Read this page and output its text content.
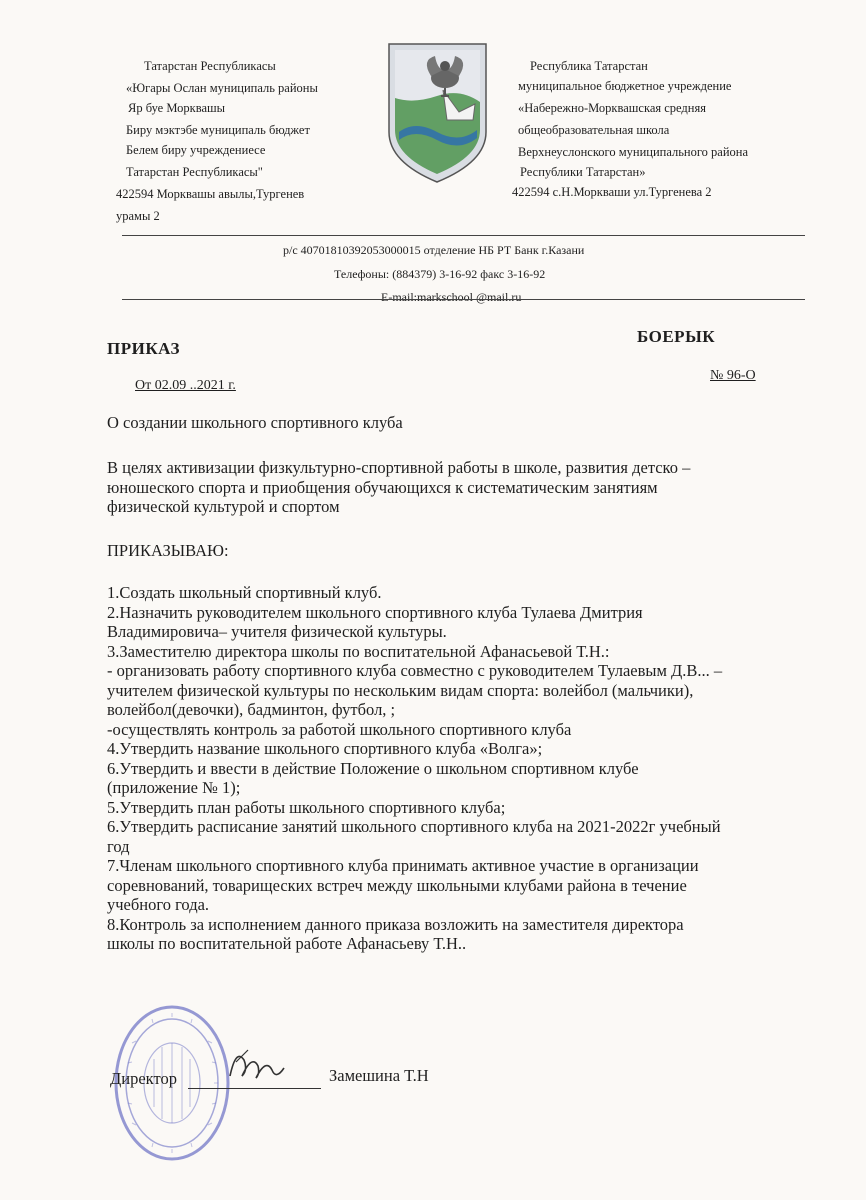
Татарстан Республикасы
«Югары Ослан муниципаль районы
Яр буе Морквашы
Биру мэктэбе муниципаль бюджет
Белем биру учреждениесе
Татарстан Республикасы"
422594 Морквашы авылы,Тургенев
урамы 2
Республика Татарстан
муниципальное бюджетное учреждение
«Набережно-Морквашская средняя
общеобразовательная школа
Верхнеуслонского муниципального района
Республики Татарстан»
422594 с.Н.Моркваши ул.Тургенева 2
р/с 40701810392053000015 отделение НБ РТ Банк г.Казани
Телефоны: (884379) 3-16-92 факс 3-16-92
E-mail:markschool @mail.ru
ПРИКАЗ
БОЕРЫК
От 02.09 ..2021 г.
№ 96-О
О создании школьного спортивного клуба
В целях активизации физкультурно-спортивной работы в школе, развития детско –
юношеского спорта и приобщения обучающихся к систематическим занятиям
физической культурой и спортом
ПРИКАЗЫВАЮ:
1.Создать школьный спортивный клуб.
2.Назначить руководителем школьного спортивного клуба Тулаева Дмитрия
Владимировича– учителя физической культуры.
3.Заместителю директора школы по воспитательной Афанасьевой Т.Н.:
- организовать работу спортивного клуба совместно с руководителем Тулаевым Д.В... –
учителем физической культуры по нескольким видам спорта: волейбол (мальчики),
волейбол(девочки), бадминтон, футбол, ;
-осуществлять контроль за работой школьного спортивного клуба
4.Утвердить название школьного спортивного клуба «Волга»;
6.Утвердить и ввести в действие Положение о школьном спортивном клубе
(приложение № 1);
5.Утвердить план работы школьного спортивного клуба;
6.Утвердить расписание занятий школьного спортивного клуба на 2021-2022г учебный
год
7.Членам школьного спортивного клуба принимать активное участие в организации
соревнований, товарищеских встреч между школьными клубами района в течение
учебного года.
8.Контроль за исполнением данного приказа возложить на заместителя директора
школы по воспитательной работе Афанасьеву Т.Н..
Директор	Замешина Т.Н
